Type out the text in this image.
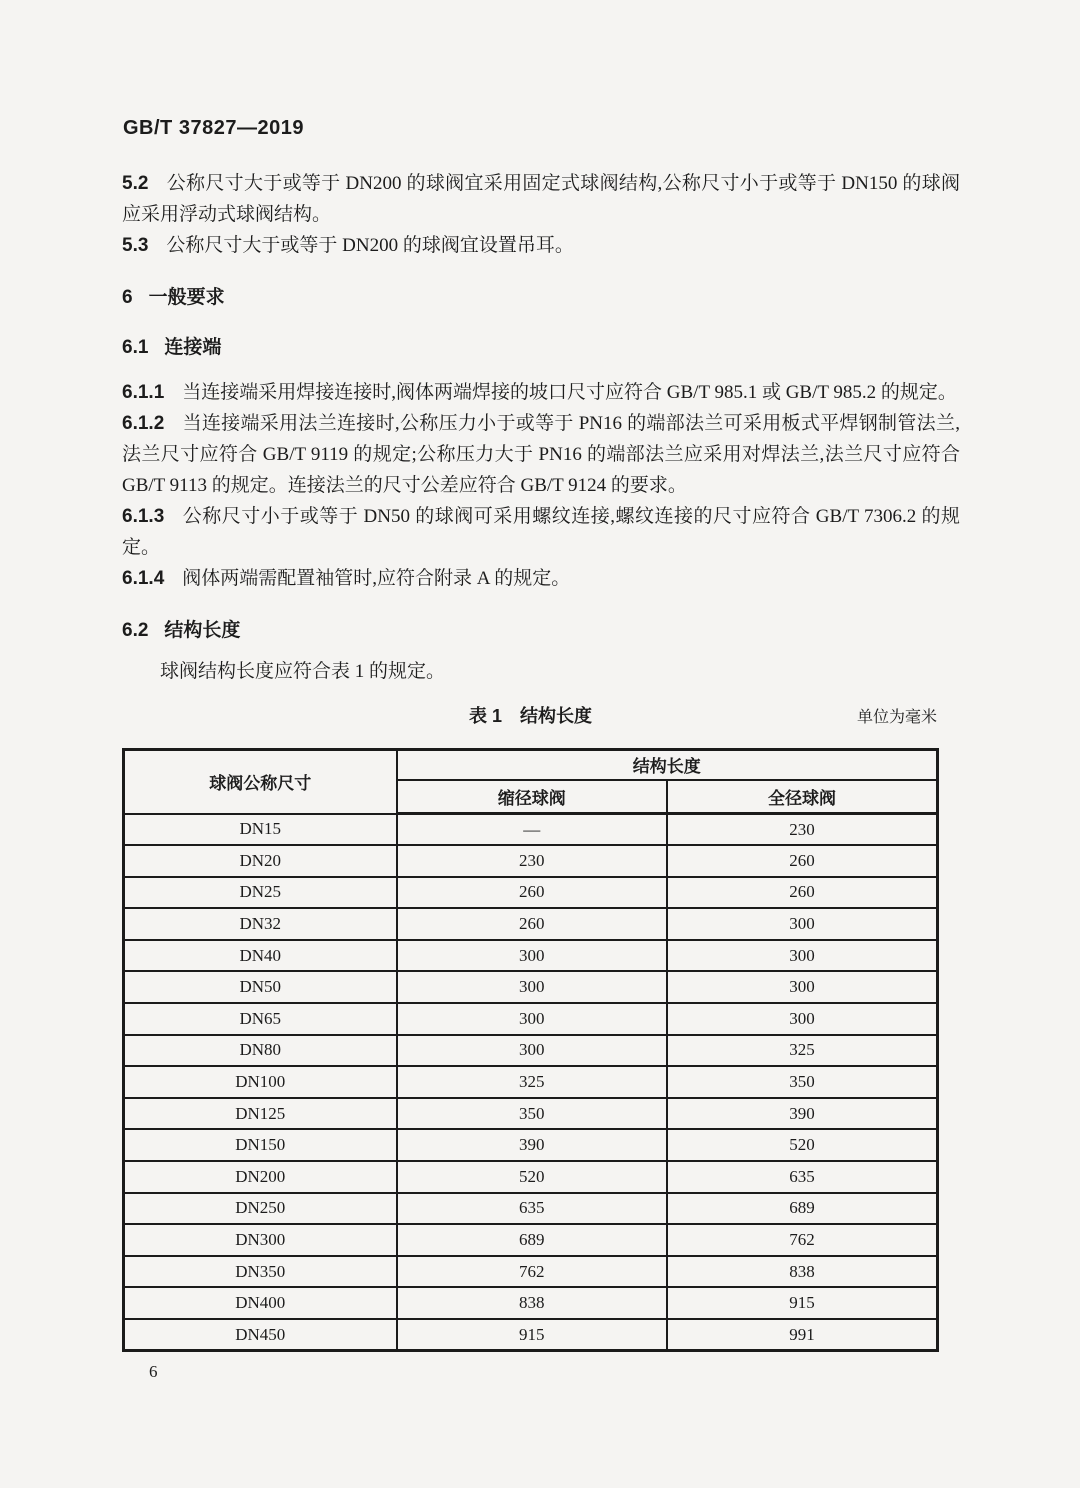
GB/T 37827—2019

5.2 公称尺寸大于或等于 DN200 的球阀宜采用固定式球阀结构,公称尺寸小于或等于 DN150 的球阀应采用浮动式球阀结构。

5.3 公称尺寸大于或等于 DN200 的球阀宜设置吊耳。

6 一般要求
6.1 连接端

6.1.1 当连接端采用焊接连接时,阀体两端焊接的坡口尺寸应符合 GB/T 985.1 或 GB/T 985.2 的规定。

6.1.2 当连接端采用法兰连接时,公称压力小于或等于 PN16 的端部法兰可采用板式平焊钢制管法兰,法兰尺寸应符合 GB/T 9119 的规定;公称压力大于 PN16 的端部法兰应采用对焊法兰,法兰尺寸应符合 GB/T 9113 的规定。连接法兰的尺寸公差应符合 GB/T 9124 的要求。

6.1.3 公称尺寸小于或等于 DN50 的球阀可采用螺纹连接,螺纹连接的尺寸应符合 GB/T 7306.2 的规定。

6.1.4 阀体两端需配置袖管时,应符合附录 A 的规定。

6.2 结构长度

球阀结构长度应符合表 1 的规定。

表 1 结构长度	单位为毫米
球阀公称尺寸	结构长度	
	缩径球阀	全径球阀
DN15	—	230
DN20	230	260
DN25	260	260
DN32	260	300
DN40	300	300
DN50	300	300
DN65	300	300
DN80	300	325
DN100	325	350
DN125	350	390
DN150	390	520
DN200	520	635
DN250	635	689
DN300	689	762
DN350	762	838
DN400	838	915
DN450	915	991
6
